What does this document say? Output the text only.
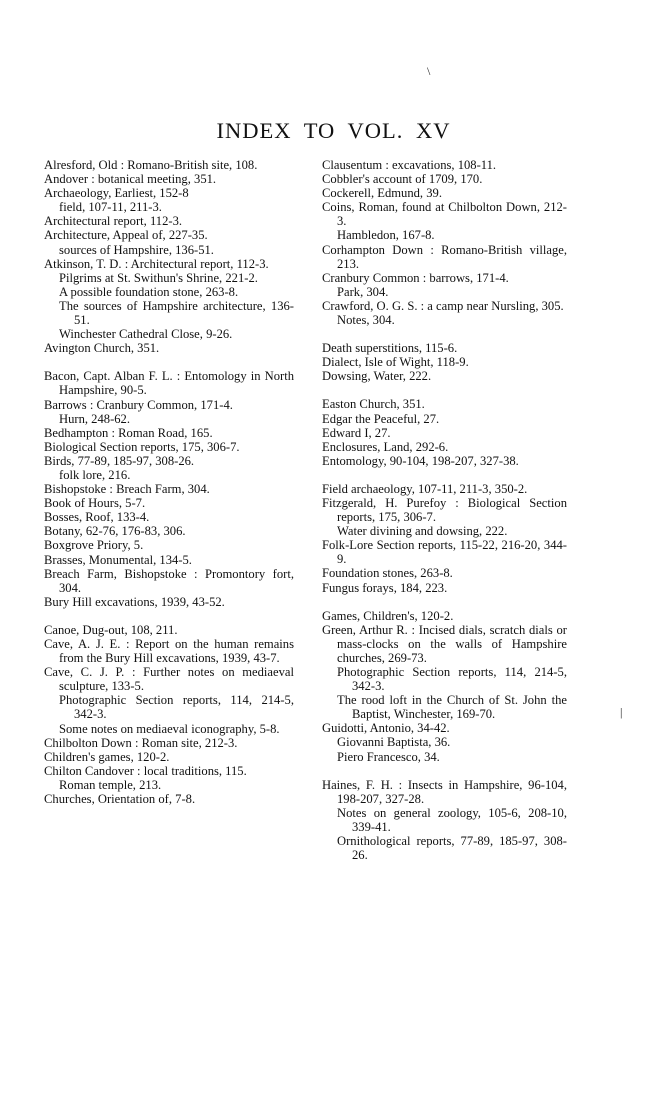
INDEX TO VOL. XV
Alresford, Old : Romano-British site, 108.
Andover : botanical meeting, 351.
Archaeology, Earliest, 152-8
field, 107-11, 211-3.
Architectural report, 112-3.
Architecture, Appeal of, 227-35.
sources of Hampshire, 136-51.
Atkinson, T. D. : Architectural report, 112-3.
Pilgrims at St. Swithun's Shrine, 221-2.
A possible foundation stone, 263-8.
The sources of Hampshire architecture, 136-51.
Winchester Cathedral Close, 9-26.
Avington Church, 351.
Bacon, Capt. Alban F. L. : Entomology in North Hampshire, 90-5.
Barrows : Cranbury Common, 171-4.
Hurn, 248-62.
Bedhampton : Roman Road, 165.
Biological Section reports, 175, 306-7.
Birds, 77-89, 185-97, 308-26.
folk lore, 216.
Bishopstoke : Breach Farm, 304.
Book of Hours, 5-7.
Bosses, Roof, 133-4.
Botany, 62-76, 176-83, 306.
Boxgrove Priory, 5.
Brasses, Monumental, 134-5.
Breach Farm, Bishopstoke : Promontory fort, 304.
Bury Hill excavations, 1939, 43-52.
Canoe, Dug-out, 108, 211.
Cave, A. J. E. : Report on the human remains from the Bury Hill excavations, 1939, 43-7.
Cave, C. J. P. : Further notes on mediaeval sculpture, 133-5.
Photographic Section reports, 114, 214-5, 342-3.
Some notes on mediaeval iconography, 5-8.
Chilbolton Down : Roman site, 212-3.
Children's games, 120-2.
Chilton Candover : local traditions, 115.
Roman temple, 213.
Churches, Orientation of, 7-8.
Clausentum : excavations, 108-11.
Cobbler's account of 1709, 170.
Cockerell, Edmund, 39.
Coins, Roman, found at Chilbolton Down, 212-3.
Hambledon, 167-8.
Corhampton Down : Romano-British village, 213.
Cranbury Common : barrows, 171-4.
Park, 304.
Crawford, O. G. S. : a camp near Nursling, 305.
Notes, 304.
Death superstitions, 115-6.
Dialect, Isle of Wight, 118-9.
Dowsing, Water, 222.
Easton Church, 351.
Edgar the Peaceful, 27.
Edward I, 27.
Enclosures, Land, 292-6.
Entomology, 90-104, 198-207, 327-38.
Field archaeology, 107-11, 211-3, 350-2.
Fitzgerald, H. Purefoy : Biological Section reports, 175, 306-7.
Water divining and dowsing, 222.
Folk-Lore Section reports, 115-22, 216-20, 344-9.
Foundation stones, 263-8.
Fungus forays, 184, 223.
Games, Children's, 120-2.
Green, Arthur R. : Incised dials, scratch dials or mass-clocks on the walls of Hampshire churches, 269-73.
Photographic Section reports, 114, 214-5, 342-3.
The rood loft in the Church of St. John the Baptist, Winchester, 169-70.
Guidotti, Antonio, 34-42.
Giovanni Baptista, 36.
Piero Francesco, 34.
Haines, F. H. : Insects in Hampshire, 96-104, 198-207, 327-28.
Notes on general zoology, 105-6, 208-10, 339-41.
Ornithological reports, 77-89, 185-97, 308-26.
\
|
